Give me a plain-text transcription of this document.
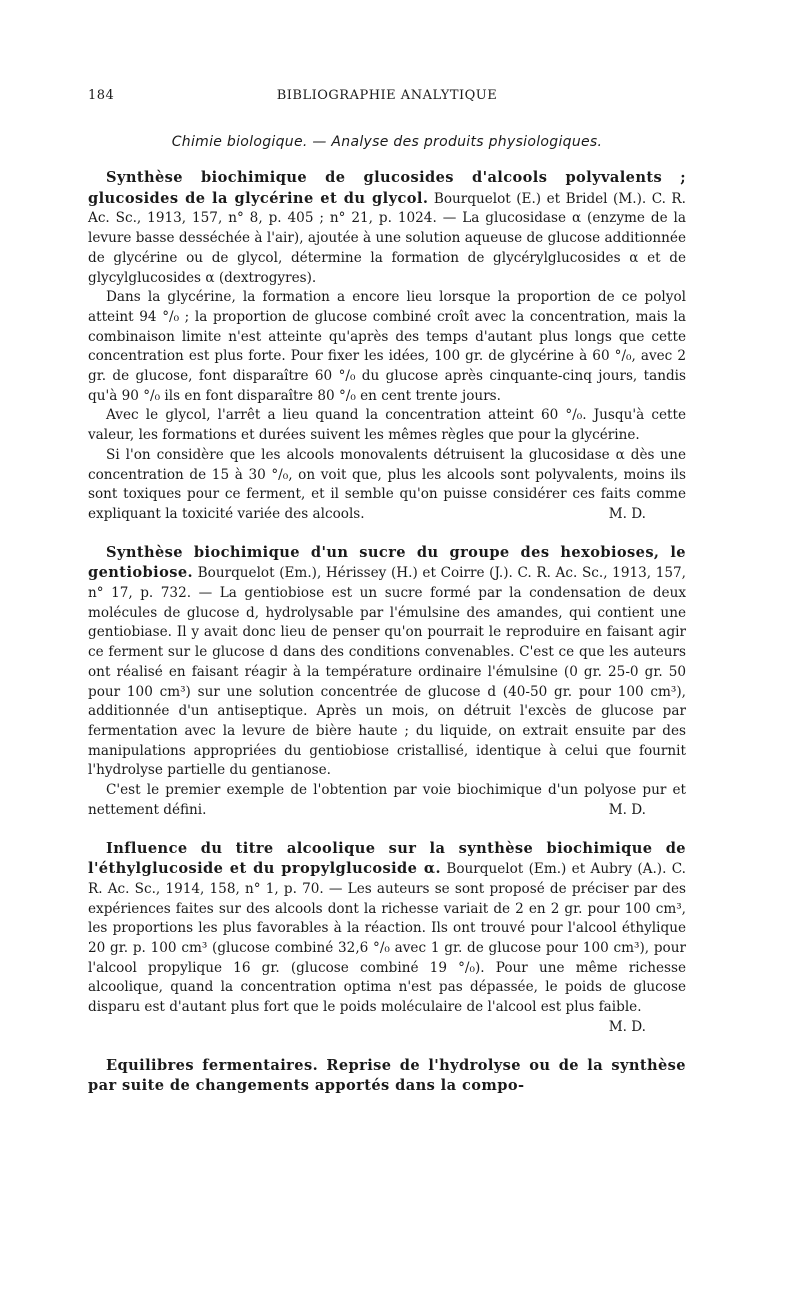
184	BIBLIOGRAPHIE ANALYTIQUE
Chimie biologique. — Analyse des produits physiologiques.

Synthèse biochimique de glucosides d'alcools polyvalents ; glucosides de la glycérine et du glycol. Bourquelot (E.) et Bridel (M.). C. R. Ac. Sc., 1913, 157, n° 8, p. 405 ; n° 21, p. 1024. — La glucosidase α (enzyme de la levure basse desséchée à l'air), ajoutée à une solution aqueuse de glucose additionnée de glycérine ou de glycol, détermine la formation de glycérylglucosides α et de glycylglucosides α (dextrogyres).

Dans la glycérine, la formation a encore lieu lorsque la proportion de ce polyol atteint 94 °/₀ ; la proportion de glucose combiné croît avec la concentration, mais la combinaison limite n'est atteinte qu'après des temps d'autant plus longs que cette concentration est plus forte. Pour fixer les idées, 100 gr. de glycérine à 60 °/₀, avec 2 gr. de glucose, font disparaître 60 °/₀ du glucose après cinquante-cinq jours, tandis qu'à 90 °/₀ ils en font disparaître 80 °/₀ en cent trente jours.

Avec le glycol, l'arrêt a lieu quand la concentration atteint 60 °/₀. Jusqu'à cette valeur, les formations et durées suivent les mêmes règles que pour la glycérine.

Si l'on considère que les alcools monovalents détruisent la glucosidase α dès une concentration de 15 à 30 °/₀, on voit que, plus les alcools sont polyvalents, moins ils sont toxiques pour ce ferment, et il semble qu'on puisse considérer ces faits comme expliquant la toxicité variée des alcools.	M. D.

Synthèse biochimique d'un sucre du groupe des hexobioses, le gentiobiose. Bourquelot (Em.), Hérissey (H.) et Coirre (J.). C. R. Ac. Sc., 1913, 157, n° 17, p. 732. — La gentiobiose est un sucre formé par la condensation de deux molécules de glucose d, hydrolysable par l'émulsine des amandes, qui contient une gentiobiase. Il y avait donc lieu de penser qu'on pourrait le reproduire en faisant agir ce ferment sur le glucose d dans des conditions convenables. C'est ce que les auteurs ont réalisé en faisant réagir à la température ordinaire l'émulsine (0 gr. 25-0 gr. 50 pour 100 cm³) sur une solution concentrée de glucose d (40-50 gr. pour 100 cm³), additionnée d'un antiseptique. Après un mois, on détruit l'excès de glucose par fermentation avec la levure de bière haute ; du liquide, on extrait ensuite par des manipulations appropriées du gentiobiose cristallisé, identique à celui que fournit l'hydrolyse partielle du gentianose.

C'est le premier exemple de l'obtention par voie biochimique d'un polyose pur et nettement défini.	M. D.

Influence du titre alcoolique sur la synthèse biochimique de l'éthylglucoside et du propylglucoside α. Bourquelot (Em.) et Aubry (A.). C. R. Ac. Sc., 1914, 158, n° 1, p. 70. — Les auteurs se sont proposé de préciser par des expériences faites sur des alcools dont la richesse variait de 2 en 2 gr. pour 100 cm³, les proportions les plus favorables à la réaction. Ils ont trouvé pour l'alcool éthylique 20 gr. p. 100 cm³ (glucose combiné 32,6 °/₀ avec 1 gr. de glucose pour 100 cm³), pour l'alcool propylique 16 gr. (glucose combiné 19 °/₀). Pour une même richesse alcoolique, quand la concentration optima n'est pas dépassée, le poids de glucose disparu est d'autant plus fort que le poids moléculaire de l'alcool est plus faible.

M. D.

Equilibres fermentaires. Reprise de l'hydrolyse ou de la synthèse par suite de changements apportés dans la compo-
